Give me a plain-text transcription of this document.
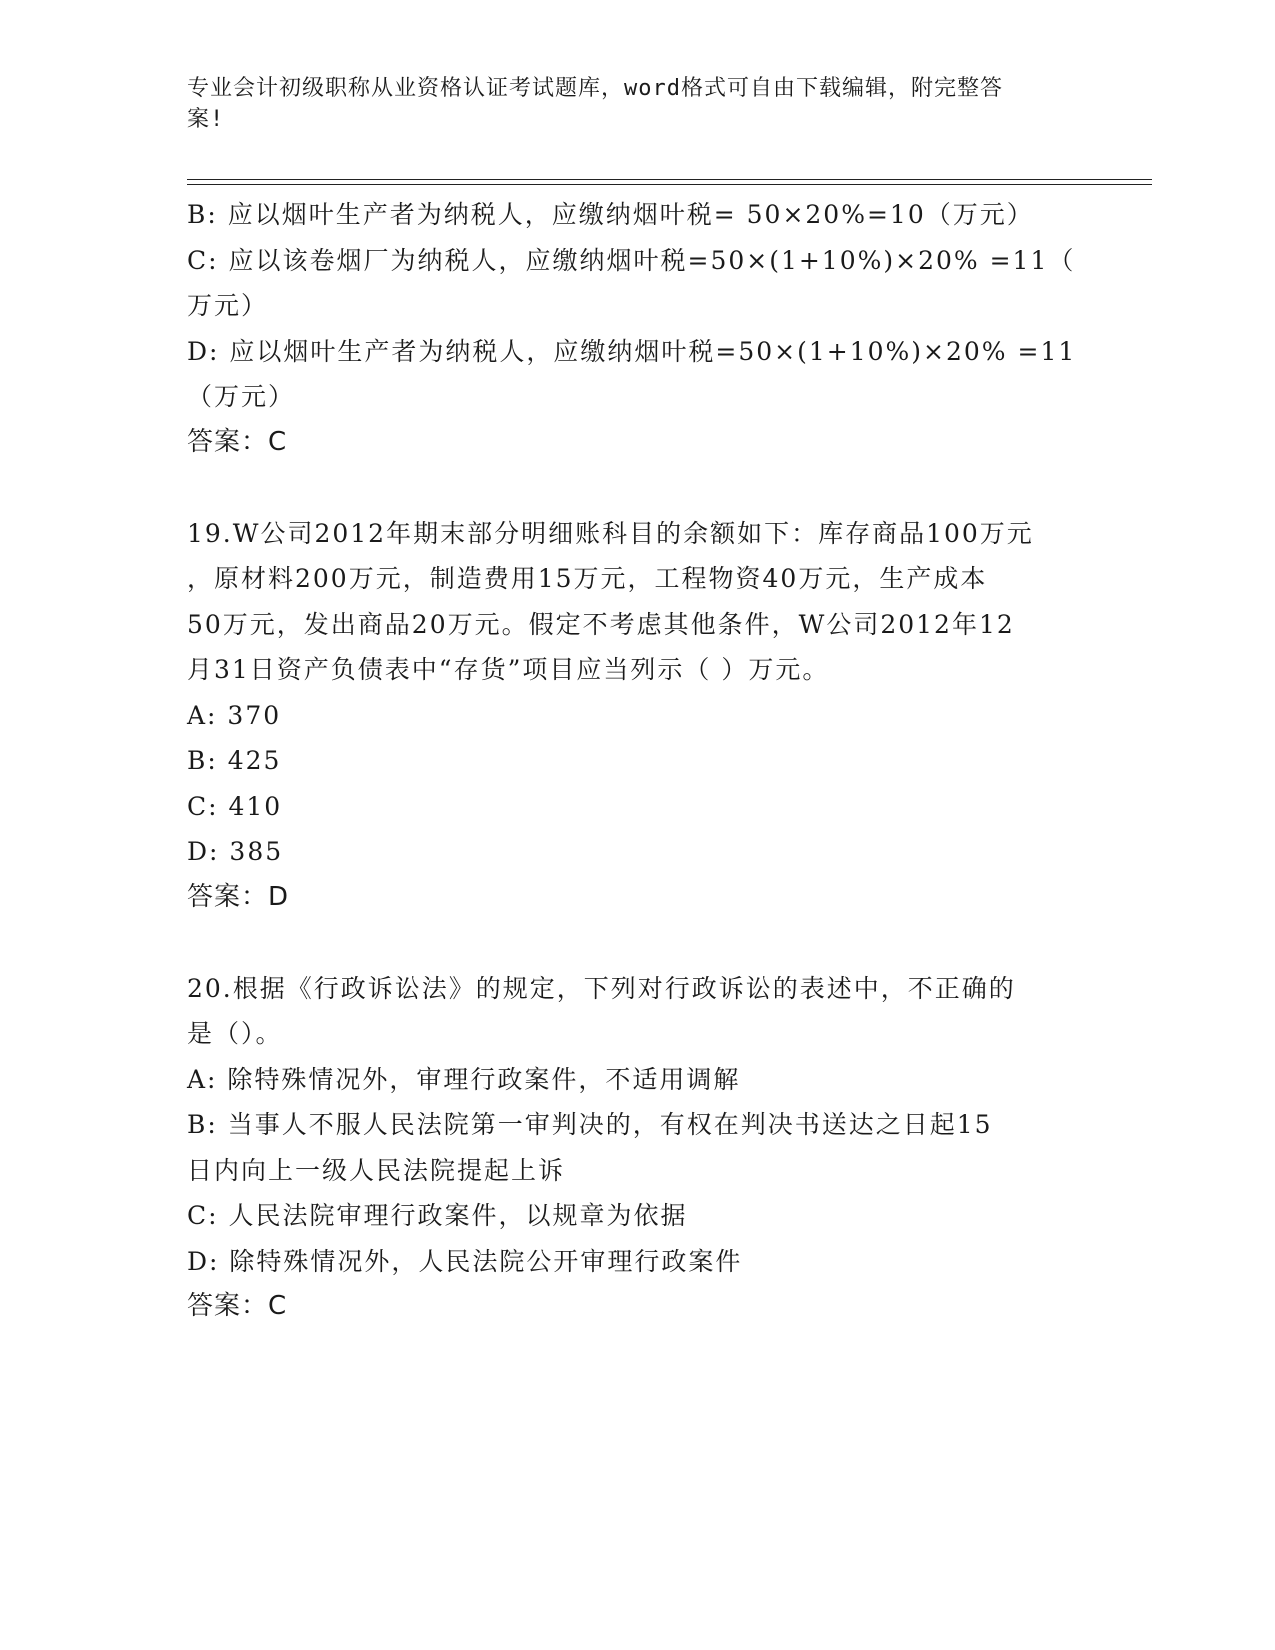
专业会计初级职称从业资格认证考试题库，word格式可自由下载编辑，附完整答
案!

B: 应以烟叶生产者为纳税人，应缴纳烟叶税= 50×20%=10（万元）

C: 应以该卷烟厂为纳税人，应缴纳烟叶税=50×(1+10%)×20% =11（

万元）

D: 应以烟叶生产者为纳税人，应缴纳烟叶税=50×(1+10%)×20% =11

（万元）

答案：C

19.W公司2012年期末部分明细账科目的余额如下：库存商品100万元

，原材料200万元，制造费用15万元，工程物资40万元，生产成本

50万元，发出商品20万元。假定不考虑其他条件，W公司2012年12

月31日资产负债表中“存货”项目应当列示（ ）万元。

A: 370

B: 425

C: 410

D: 385

答案：D

20.根据《行政诉讼法》的规定，下列对行政诉讼的表述中，不正确的

是（）。

A: 除特殊情况外，审理行政案件，不适用调解

B: 当事人不服人民法院第一审判决的，有权在判决书送达之日起15

日内向上一级人民法院提起上诉

C: 人民法院审理行政案件，以规章为依据

D: 除特殊情况外，人民法院公开审理行政案件

答案：C
